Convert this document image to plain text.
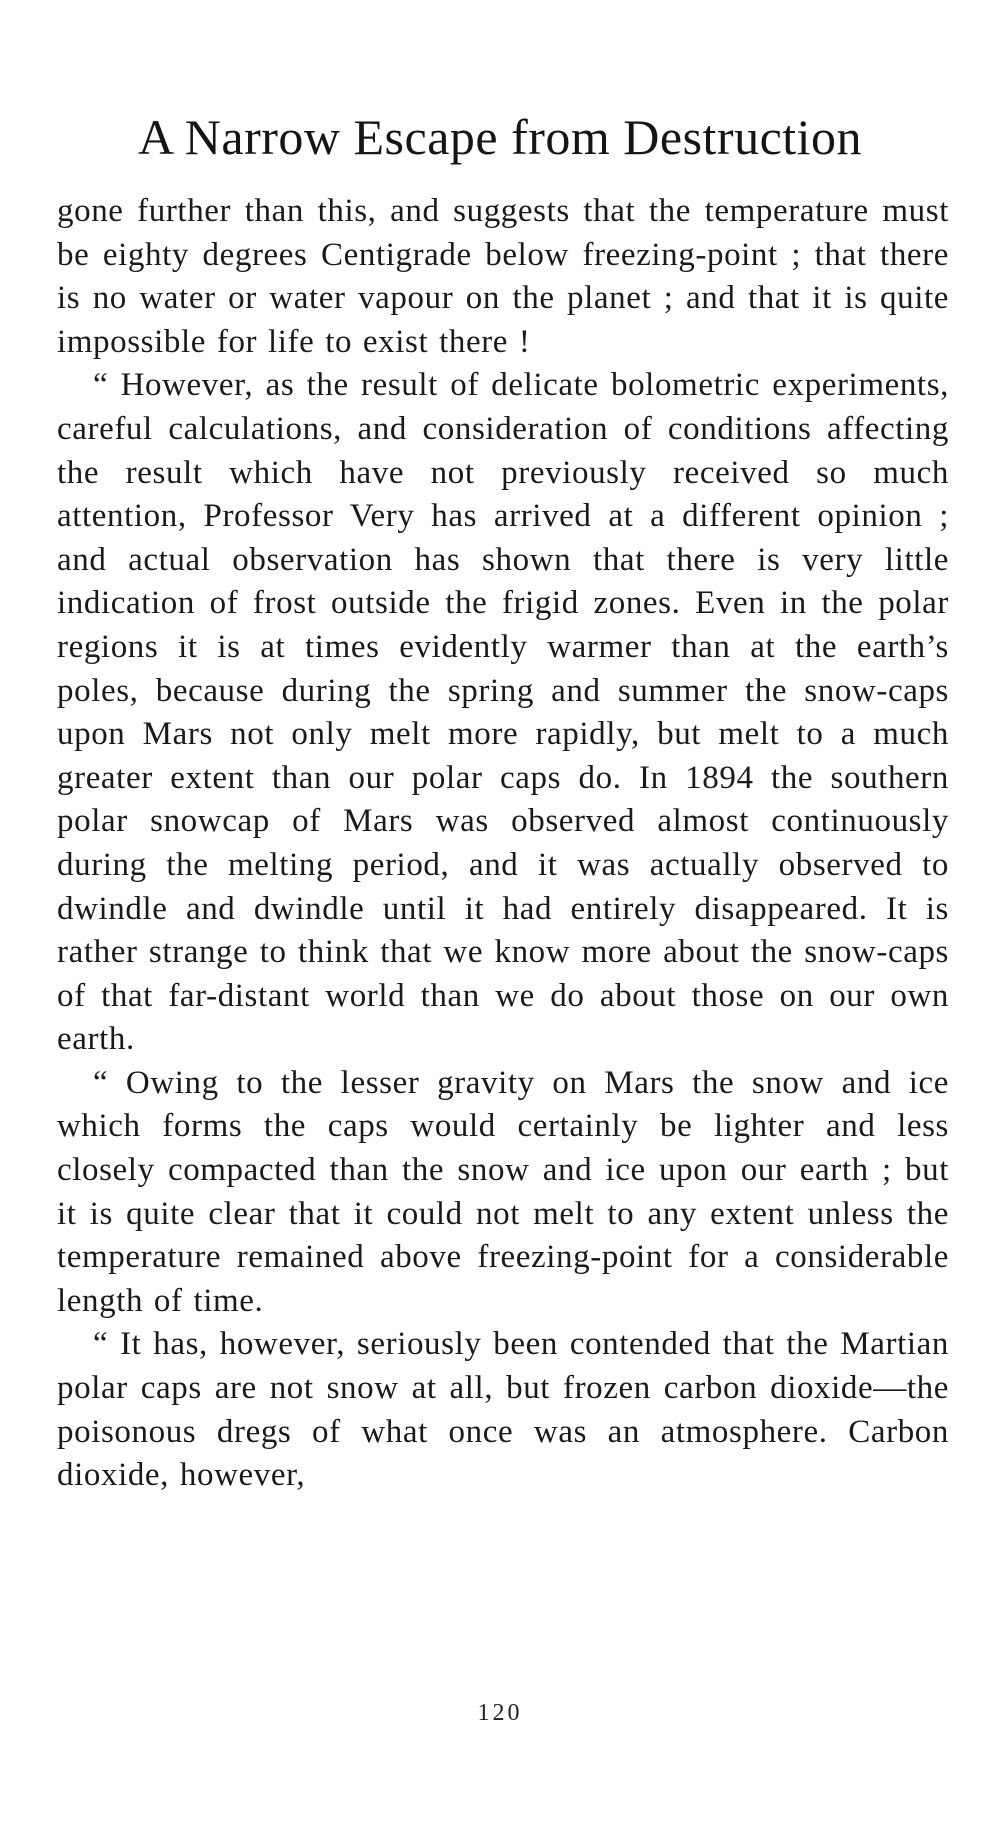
A Narrow Escape from Destruction

gone further than this, and suggests that the temperature must be eighty degrees Centigrade below freezing-point ; that there is no water or water vapour on the planet ; and that it is quite impossible for life to exist there !

“ However, as the result of delicate bolometric experiments, careful calculations, and consideration of conditions affecting the result which have not previously received so much attention, Professor Very has arrived at a different opinion ; and actual observation has shown that there is very little indication of frost outside the frigid zones. Even in the polar regions it is at times evidently warmer than at the earth’s poles, because during the spring and summer the snow-caps upon Mars not only melt more rapidly, but melt to a much greater extent than our polar caps do. In 1894 the southern polar snowcap of Mars was observed almost continuously during the melting period, and it was actually observed to dwindle and dwindle until it had entirely disappeared. It is rather strange to think that we know more about the snow-caps of that far-distant world than we do about those on our own earth.

“ Owing to the lesser gravity on Mars the snow and ice which forms the caps would certainly be lighter and less closely compacted than the snow and ice upon our earth ; but it is quite clear that it could not melt to any extent unless the temperature remained above freezing-point for a considerable length of time.

“ It has, however, seriously been contended that the Martian polar caps are not snow at all, but frozen carbon dioxide—the poisonous dregs of what once was an atmosphere. Carbon dioxide, however,

120
